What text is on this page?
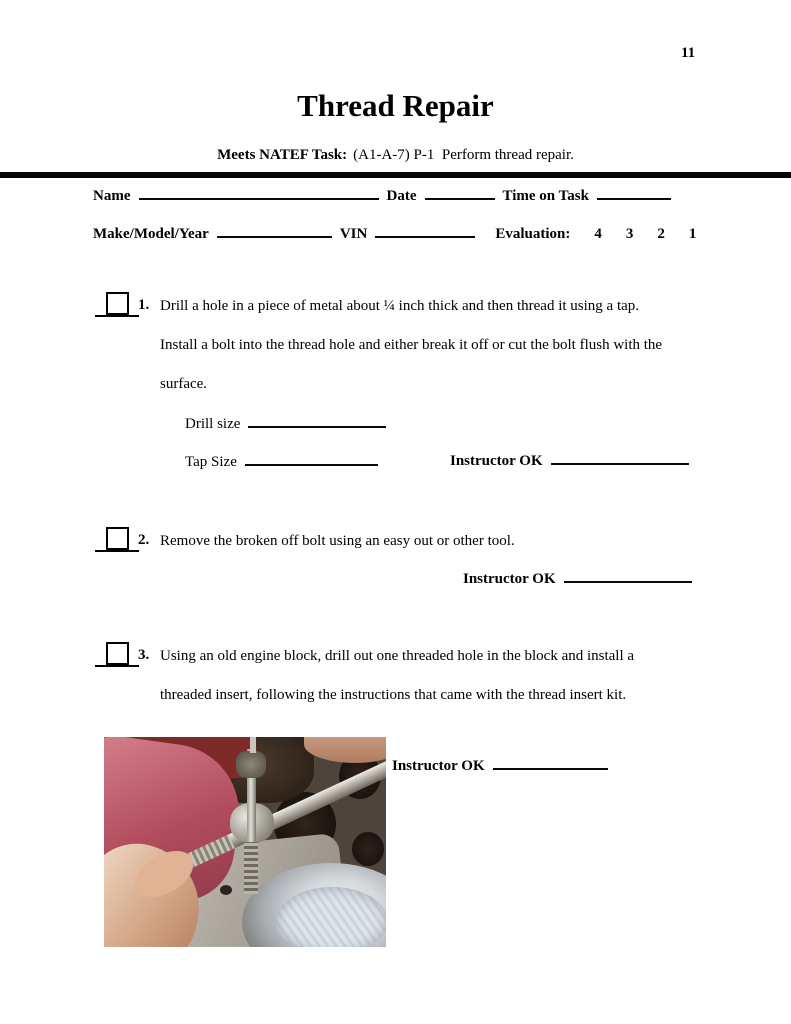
11
Thread Repair
Meets NATEF Task: (A1-A-7) P-1  Perform thread repair.
Name	Date	Time on Task
Make/Model/Year	VIN	Evaluation: 4 3 2 1
1. Drill a hole in a piece of metal about ¼ inch thick and then thread it using a tap.
Install a bolt into the thread hole and either break it off or cut the bolt flush with the
surface.
Drill size
Tap Size	Instructor OK
2. Remove the broken off bolt using an easy out or other tool.
Instructor OK
3. Using an old engine block, drill out one threaded hole in the block and install a
threaded insert, following the instructions that came with the thread insert kit.
Instructor OK
